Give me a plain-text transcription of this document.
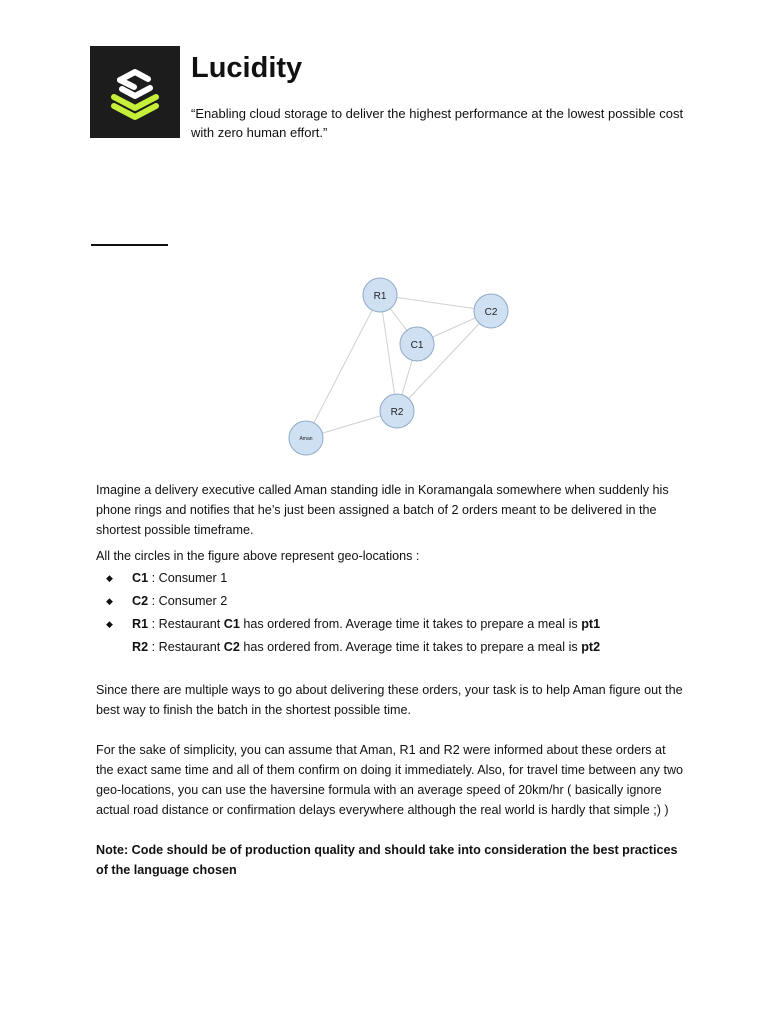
Lucidity

“Enabling cloud storage to deliver the highest performance at the lowest possible cost with zero human effort.”

R1
C2
C1
R2
Aman

Imagine a delivery executive called Aman standing idle in Koramangala somewhere when suddenly his phone rings and notifies that he’s just been assigned a batch of 2 orders meant to be delivered in the shortest possible timeframe.

All the circles in the figure above represent geo-locations :

◆ C1 : Consumer 1
◆ C2 : Consumer 2
◆ R1 : Restaurant C1 has ordered from. Average time it takes to prepare a meal is pt1
R2 : Restaurant C2 has ordered from. Average time it takes to prepare a meal is pt2

Since there are multiple ways to go about delivering these orders, your task is to help Aman figure out the best way to finish the batch in the shortest possible time.

For the sake of simplicity, you can assume that Aman, R1 and R2 were informed about these orders at the exact same time and all of them confirm on doing it immediately. Also, for travel time between any two geo-locations, you can use the haversine formula with an average speed of 20km/hr ( basically ignore actual road distance or confirmation delays everywhere although the real world is hardly that simple ;) )

Note: Code should be of production quality and should take into consideration the best practices of the language chosen
